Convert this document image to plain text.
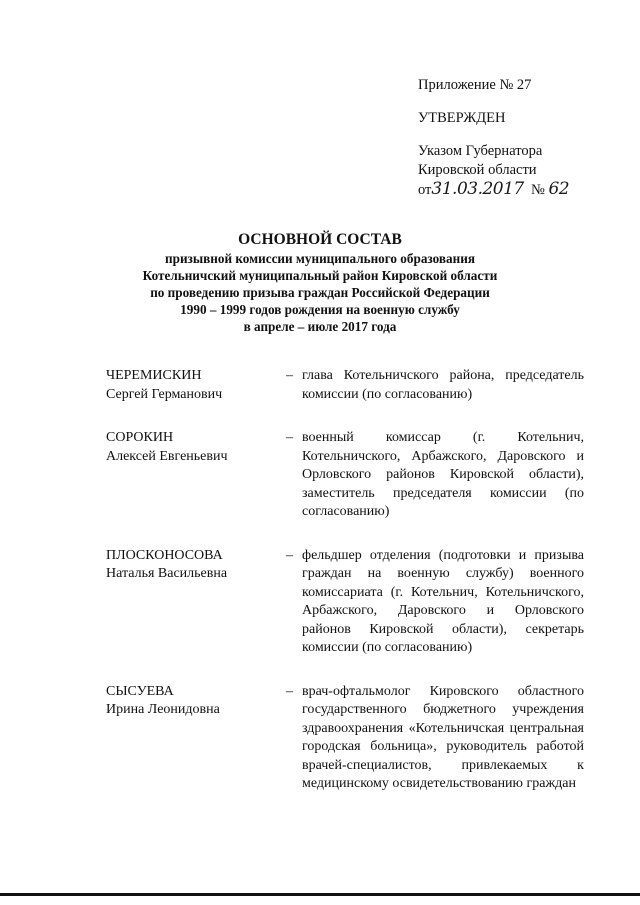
Приложение № 27
УТВЕРЖДЕН
Указом Губернатора
Кировской области
от31.03.2017 № 62
ОСНОВНОЙ СОСТАВ
призывной комиссии муниципального образования
Котельничский муниципальный район Кировской области
по проведению призыва граждан Российской Федерации
1990 – 1999 годов рождения на военную службу
в апреле – июле 2017 года
ЧЕРЕМИСКИН
Сергей Германович
– глава Котельничского района, председатель комиссии (по согласованию)
СОРОКИН
Алексей Евгеньевич
– военный комиссар (г. Котельнич, Котельничского, Арбажского, Даровского и Орловского районов Кировской области), заместитель председателя комиссии (по согласованию)
ПЛОСКОНОСОВА
Наталья Васильевна
– фельдшер отделения (подготовки и призыва граждан на военную службу) военного комиссариата (г. Котельнич, Котельничского, Арбажского, Даровского и Орловского районов Кировской области), секретарь комиссии (по согласованию)
СЫСУЕВА
Ирина Леонидовна
– врач-офтальмолог Кировского областного государственного бюджетного учреждения здравоохранения «Котельничская центральная городская больница», руководитель работой врачей-специалистов, привлекаемых к медицинскому освидетельствованию граждан
